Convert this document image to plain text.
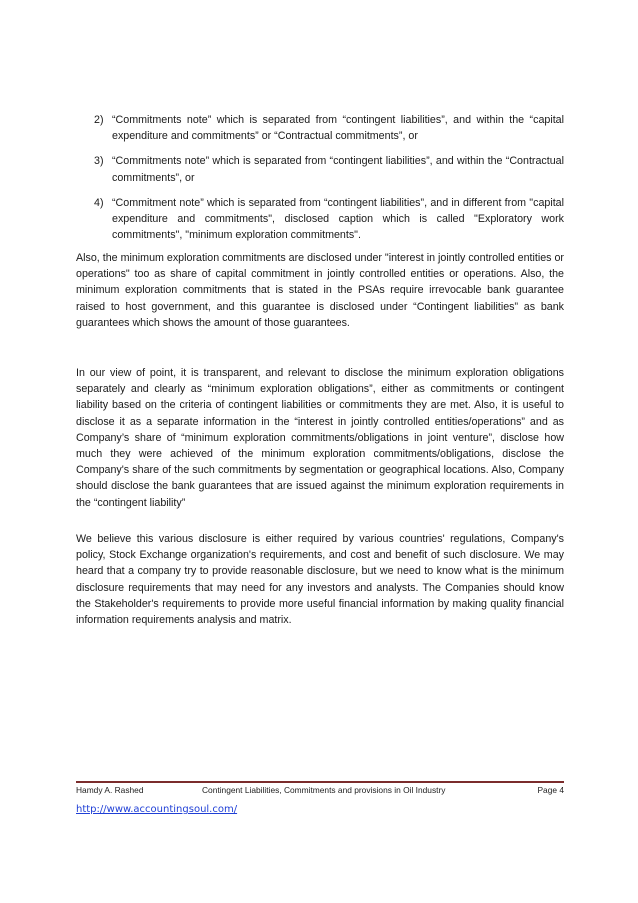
2) “Commitments note” which is separated from “contingent liabilities”, and within the “capital expenditure and commitments” or “Contractual commitments”, or
3) “Commitments note” which is separated from “contingent liabilities”, and within the “Contractual commitments”, or
4) “Commitment note” which is separated from “contingent liabilities”, and in different from "capital expenditure and commitments", disclosed caption which is called "Exploratory work commitments", "minimum exploration commitments".

Also, the minimum exploration commitments are disclosed under "interest in jointly controlled entities or operations" too as share of capital commitment in jointly controlled entities or operations. Also, the minimum exploration commitments that is stated in the PSAs require irrevocable bank guarantee raised to host government, and this guarantee is disclosed under “Contingent liabilities” as bank guarantees which shows the amount of those guarantees.

In our view of point, it is transparent, and relevant to disclose the minimum exploration obligations separately and clearly as “minimum exploration obligations”, either as commitments or contingent liability based on the criteria of contingent liabilities or commitments they are met. Also, it is useful to disclose it as a separate information in the “interest in jointly controlled entities/operations” and as Company’s share of “minimum exploration commitments/obligations in joint venture”, disclose how much they were achieved of the minimum exploration commitments/obligations, disclose the Company's share of the such commitments by segmentation or geographical locations. Also, Company should disclose the bank guarantees that are issued against the minimum exploration requirements in the “contingent liability”

We believe this various disclosure is either required by various countries' regulations, Company's policy, Stock Exchange organization's requirements, and cost and benefit of such disclosure. We may heard that a company try to provide reasonable disclosure, but we need to know what is the minimum disclosure requirements that may need for any investors and analysts. The Companies should know the Stakeholder's requirements to provide more useful financial information by making quality financial information requirements analysis and matrix.

Hamdy A. Rashed	Contingent Liabilities, Commitments and provisions in Oil Industry	Page 4
http://www.accountingsoul.com/
